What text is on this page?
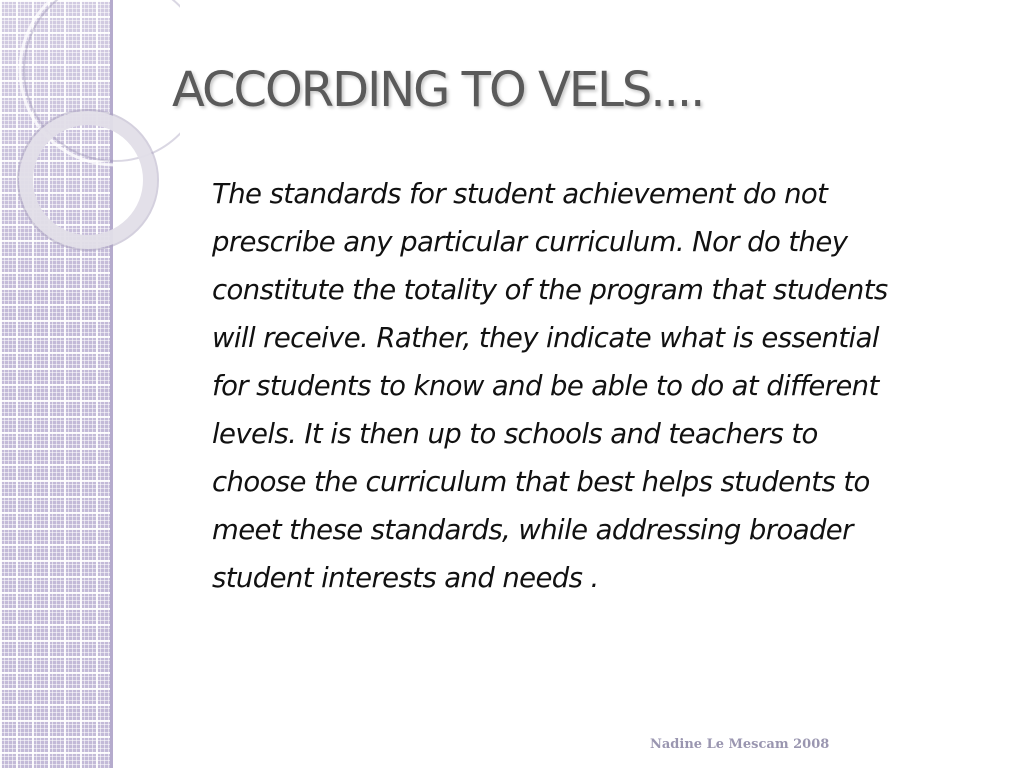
ACCORDING TO VELS....

The standards for student achievement do not
prescribe any particular curriculum. Nor do they
constitute the totality of the program that students
will receive. Rather, they indicate what is essential
for students to know and be able to do at different
levels. It is then up to schools and teachers to
choose the curriculum that best helps students to
meet these standards, while addressing broader
student interests and needs .

Nadine Le Mescam 2008
